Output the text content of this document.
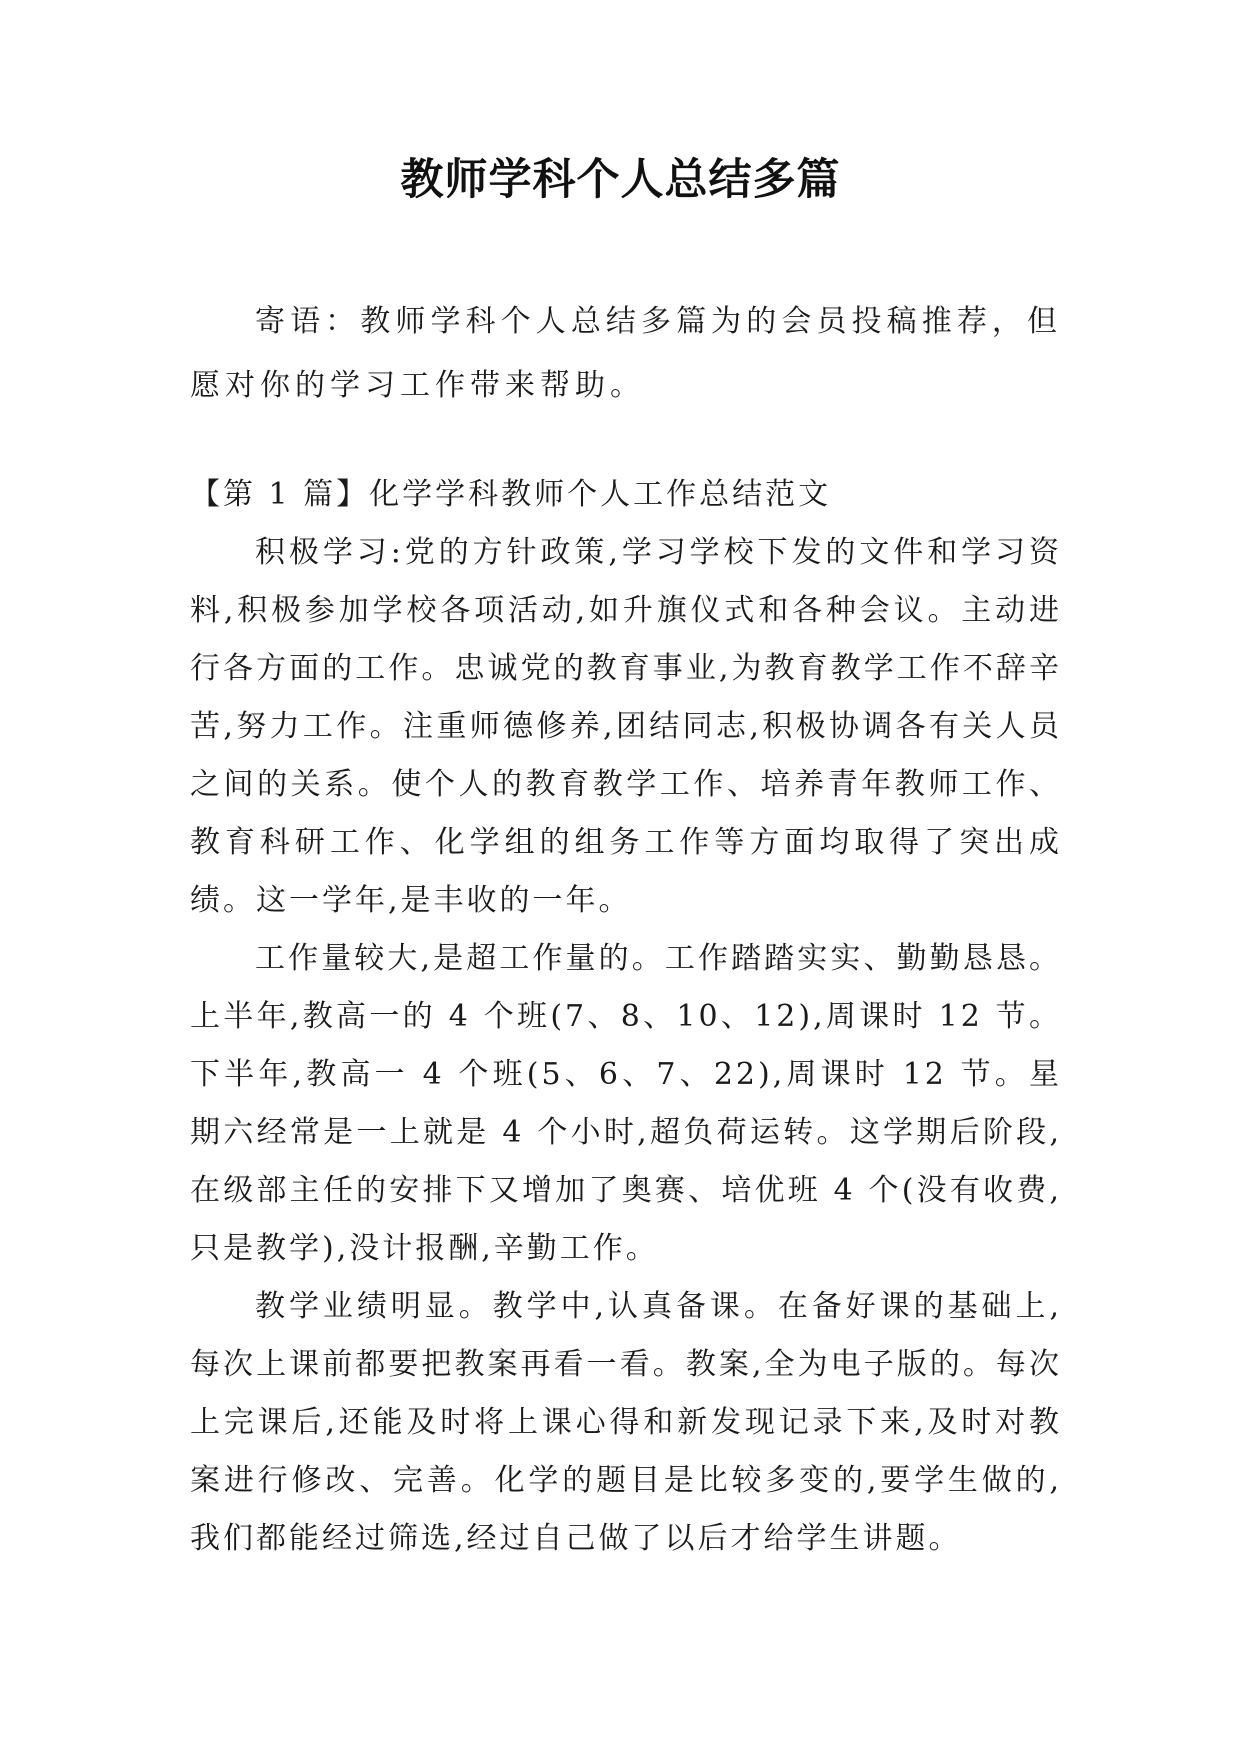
教师学科个人总结多篇

寄语：教师学科个人总结多篇为的会员投稿推荐，但愿对你的学习工作带来帮助。

【第 1 篇】化学学科教师个人工作总结范文

积极学习:党的方针政策,学习学校下发的文件和学习资料,积极参加学校各项活动,如升旗仪式和各种会议。主动进行各方面的工作。忠诚党的教育事业,为教育教学工作不辞辛苦,努力工作。注重师德修养,团结同志,积极协调各有关人员之间的关系。使个人的教育教学工作、培养青年教师工作、教育科研工作、化学组的组务工作等方面均取得了突出成绩。这一学年,是丰收的一年。

工作量较大,是超工作量的。工作踏踏实实、勤勤恳恳。上半年,教高一的 4 个班(7、8、10、12),周课时 12 节。下半年,教高一 4 个班(5、6、7、22),周课时 12 节。星期六经常是一上就是 4 个小时,超负荷运转。这学期后阶段,在级部主任的安排下又增加了奥赛、培优班 4 个(没有收费,只是教学),没计报酬,辛勤工作。

教学业绩明显。教学中,认真备课。在备好课的基础上,每次上课前都要把教案再看一看。教案,全为电子版的。每次上完课后,还能及时将上课心得和新发现记录下来,及时对教案进行修改、完善。化学的题目是比较多变的,要学生做的,我们都能经过筛选,经过自己做了以后才给学生讲题。
